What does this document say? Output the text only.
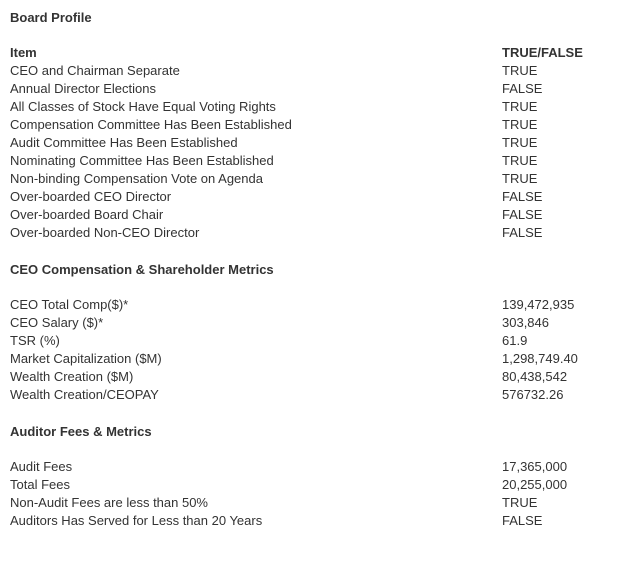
Board Profile
Item	TRUE/FALSE
CEO and Chairman Separate	TRUE
Annual Director Elections	FALSE
All Classes of Stock Have Equal Voting Rights	TRUE
Compensation Committee Has Been Established	TRUE
Audit Committee Has Been Established	TRUE
Nominating Committee Has Been Established	TRUE
Non-binding Compensation Vote on Agenda	TRUE
Over-boarded CEO Director	FALSE
Over-boarded Board Chair	FALSE
Over-boarded Non-CEO Director	FALSE
CEO Compensation & Shareholder Metrics
CEO Total Comp($)*	139,472,935
CEO Salary ($)*	303,846
TSR (%)	61.9
Market Capitalization ($M)	1,298,749.40
Wealth Creation ($M)	80,438,542
Wealth Creation/CEOPAY	576732.26
Auditor Fees & Metrics
Audit Fees	17,365,000
Total Fees	20,255,000
Non-Audit Fees are less than 50%	TRUE
Auditors Has Served for Less than 20 Years	FALSE
